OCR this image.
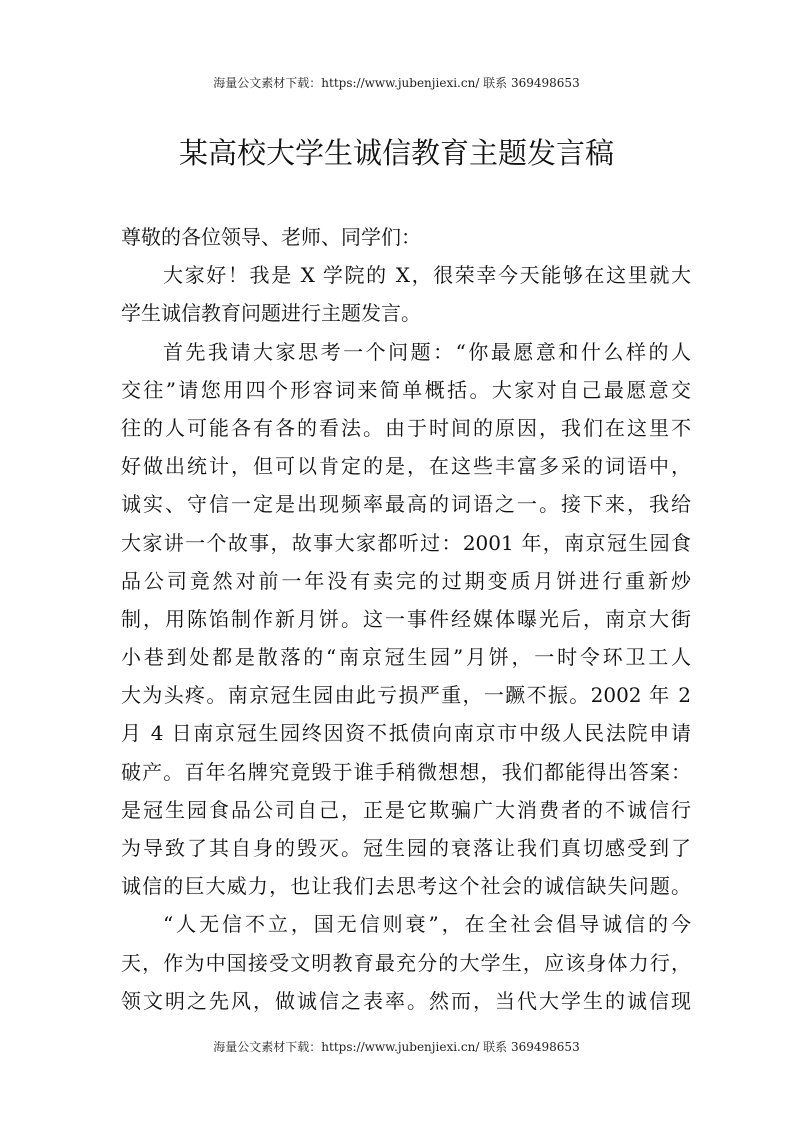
海量公文素材下载：https://www.jubenjiexi.cn/ 联系 369498653
某高校大学生诚信教育主题发言稿
尊敬的各位领导、老师、同学们：
大家好！我是 X 学院的 X，很荣幸今天能够在这里就大
学生诚信教育问题进行主题发言。
首先我请大家思考一个问题：“你最愿意和什么样的人
交往”请您用四个形容词来简单概括。大家对自己最愿意交
往的人可能各有各的看法。由于时间的原因，我们在这里不
好做出统计，但可以肯定的是，在这些丰富多采的词语中，
诚实、守信一定是出现频率最高的词语之一。接下来，我给
大家讲一个故事，故事大家都听过：2001 年，南京冠生园食
品公司竟然对前一年没有卖完的过期变质月饼进行重新炒
制，用陈馅制作新月饼。这一事件经媒体曝光后，南京大街
小巷到处都是散落的“南京冠生园”月饼，一时令环卫工人
大为头疼。南京冠生园由此亏损严重，一蹶不振。2002 年 2
月 4 日南京冠生园终因资不抵债向南京市中级人民法院申请
破产。百年名牌究竟毁于谁手稍微想想，我们都能得出答案：
是冠生园食品公司自己，正是它欺骗广大消费者的不诚信行
为导致了其自身的毁灭。冠生园的衰落让我们真切感受到了
诚信的巨大威力，也让我们去思考这个社会的诚信缺失问题。
“人无信不立，国无信则衰”，在全社会倡导诚信的今
天，作为中国接受文明教育最充分的大学生，应该身体力行，
领文明之先风，做诚信之表率。然而，当代大学生的诚信现
海量公文素材下载：https://www.jubenjiexi.cn/ 联系 369498653
